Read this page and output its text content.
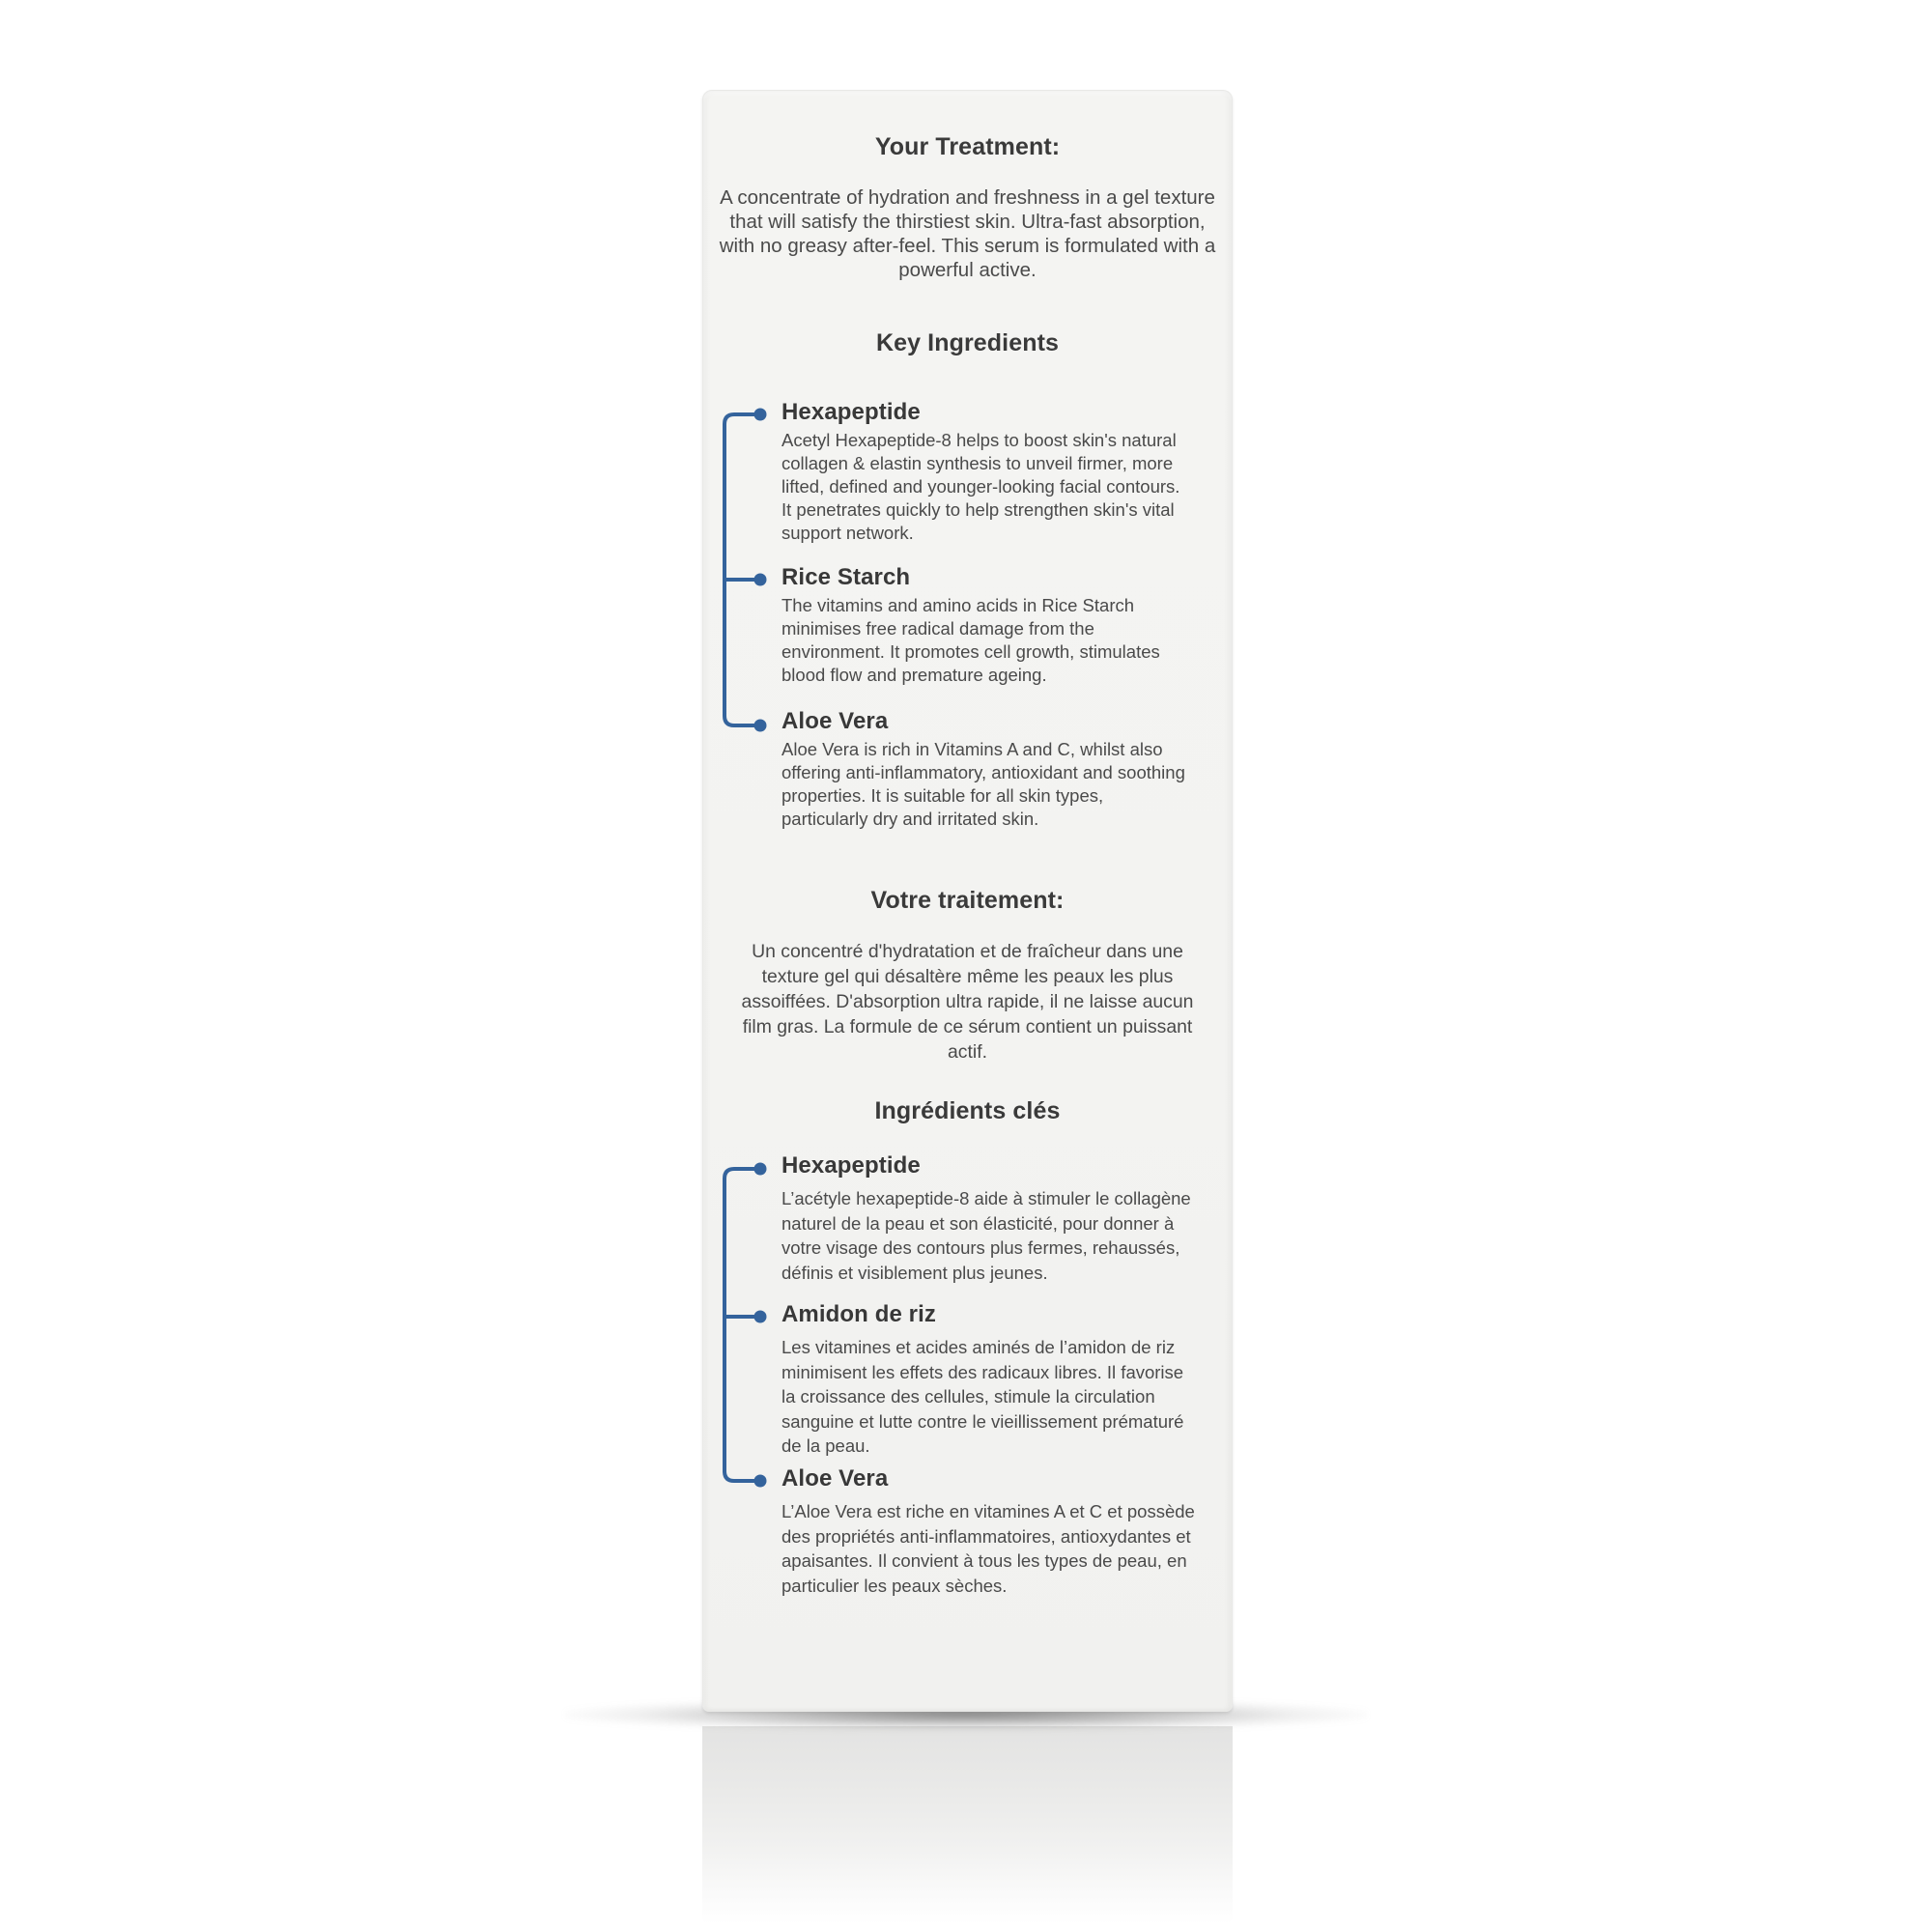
Your Treatment:

A concentrate of hydration and freshness in a gel texture that will satisfy the thirstiest skin. Ultra-fast absorption, with no greasy after-feel. This serum is formulated with a powerful active.

Key Ingredients
Hexapeptide

Acetyl Hexapeptide-8 helps to boost skin's natural collagen & elastin synthesis to unveil firmer, more lifted, defined and younger-looking facial contours. It penetrates quickly to help strengthen skin's vital support network.

Rice Starch

The vitamins and amino acids in Rice Starch minimises free radical damage from the environment. It promotes cell growth, stimulates blood flow and premature ageing.

Aloe Vera

Aloe Vera is rich in Vitamins A and C, whilst also offering anti-inflammatory, antioxidant and soothing properties. It is suitable for all skin types, particularly dry and irritated skin.

Votre traitement:

Un concentré d'hydratation et de fraîcheur dans une texture gel qui désaltère même les peaux les plus assoiffées. D'absorption ultra rapide, il ne laisse aucun film gras. La formule de ce sérum contient un puissant actif.

Ingrédients clés
Hexapeptide

L’acétyle hexapeptide-8 aide à stimuler le collagène naturel de la peau et son élasticité, pour donner à votre visage des contours plus fermes, rehaussés, définis et visiblement plus jeunes.

Amidon de riz

Les vitamines et acides aminés de l’amidon de riz minimisent les effets des radicaux libres. Il favorise la croissance des cellules, stimule la circulation sanguine et lutte contre le vieillissement prématuré de la peau.

Aloe Vera

L’Aloe Vera est riche en vitamines A et C et possède des propriétés anti-inflammatoires, antioxydantes et apaisantes. Il convient à tous les types de peau, en particulier les peaux sèches.
